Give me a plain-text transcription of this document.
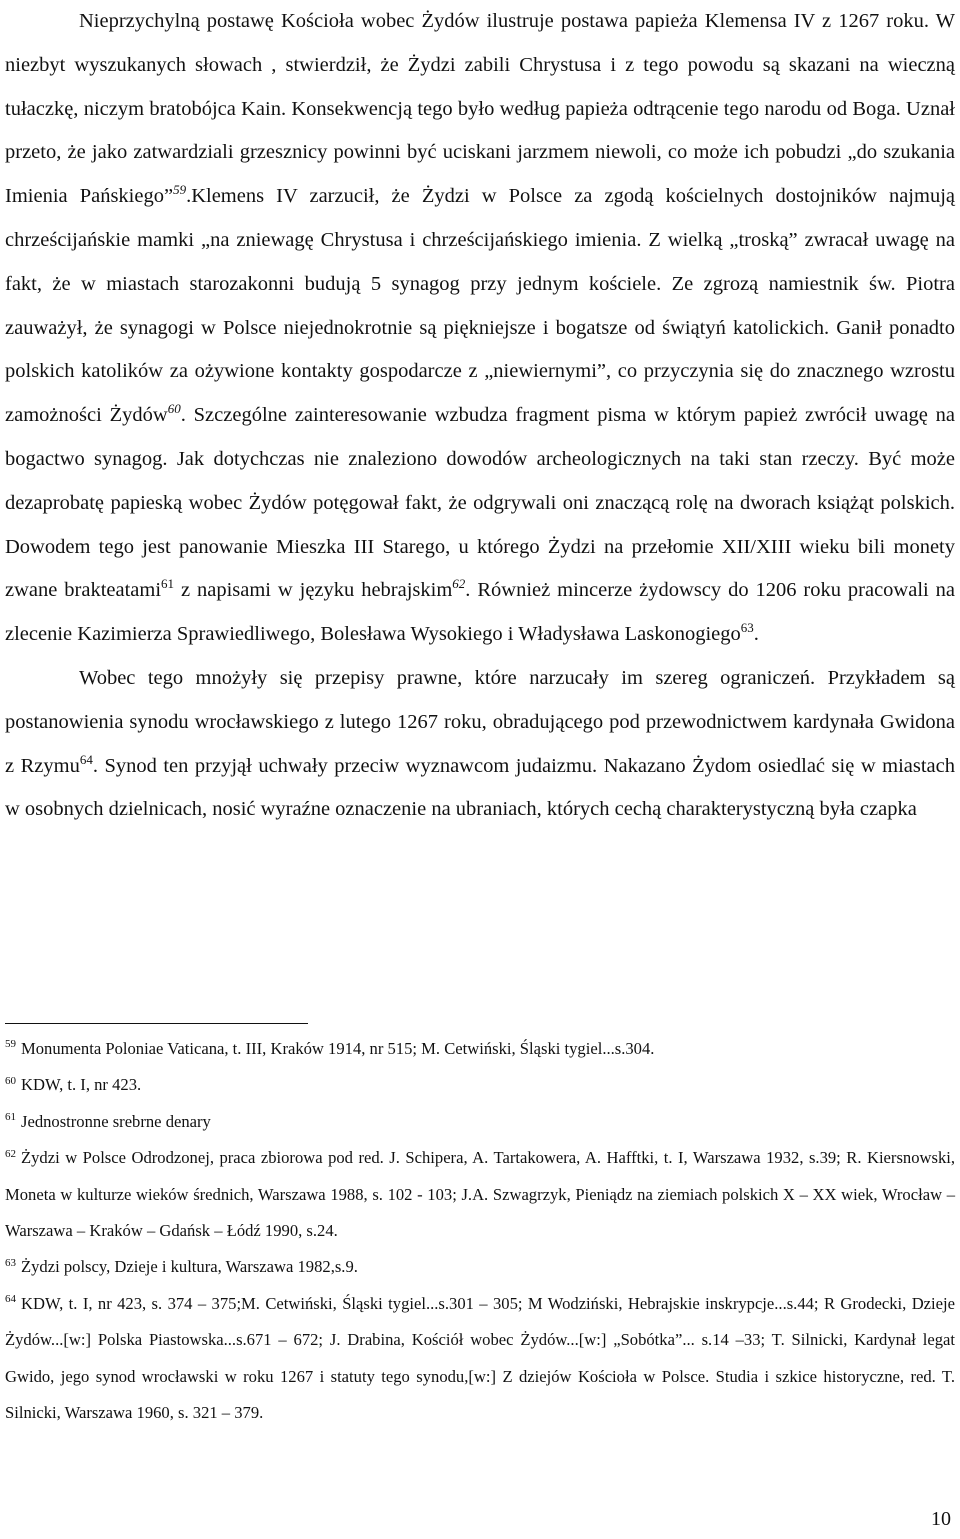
Nieprzychylną postawę Kościoła wobec Żydów ilustruje postawa papieża Klemensa IV z 1267 roku. W niezbyt wyszukanych słowach , stwierdził, że Żydzi zabili Chrystusa i z tego powodu są skazani na wieczną tułaczkę, niczym bratobójca Kain. Konsekwencją tego było według papieża odtrącenie tego narodu od Boga. Uznał przeto, że jako zatwardziali grzesznicy powinni być uciskani jarzmem niewoli, co może ich pobudzi „do szukania Imienia Pańskiego”$^{59}$.Klemens IV zarzucił, że Żydzi w Polsce za zgodą kościelnych dostojników najmują chrześcijańskie mamki „na zniewagę Chrystusa i chrześcijańskiego imienia. Z wielką „troską” zwracał uwagę na fakt, że w miastach starozakonni budują 5 synagog przy jednym kościele. Ze zgrozą namiestnik św. Piotra zauważył, że synagogi w Polsce niejednokrotnie są piękniejsze i bogatsze od świątyń katolickich. Ganił ponadto polskich katolików za ożywione kontakty gospodarcze z „niewiernymi”, co przyczynia się do znacznego wzrostu zamożności Żydów$^{60}$. Szczególne zainteresowanie wzbudza fragment pisma w którym papież zwrócił uwagę na bogactwo synagog. Jak dotychczas nie znaleziono dowodów archeologicznych na taki stan rzeczy. Być może dezaprobatę papieską wobec Żydów potęgował fakt, że odgrywali oni znaczącą rolę na dworach książąt polskich. Dowodem tego jest panowanie Mieszka III Starego, u którego Żydzi na przełomie XII/XIII wieku bili monety zwane brakteatami$^{61}$ z napisami w języku hebrajskim$^{62}$. Również mincerze żydowscy do 1206 roku pracowali na zlecenie Kazimierza Sprawiedliwego, Bolesława Wysokiego i Władysława Laskonogiego$^{63}$.

Wobec tego mnożyły się przepisy prawne, które narzucały im szereg ograniczeń. Przykładem są postanowienia synodu wrocławskiego z lutego 1267 roku, obradującego pod przewodnictwem kardynała Gwidona z Rzymu$^{64}$. Synod ten przyjął uchwały przeciw wyznawcom judaizmu. Nakazano Żydom osiedlać się w miastach w osobnych dzielnicach, nosić wyraźne oznaczenie na ubraniach, których cechą charakterystyczną była czapka

$^{59}$ Monumenta Poloniae Vaticana, t. III, Kraków 1914, nr 515; M. Cetwiński, Śląski tygiel...s.304.

$^{60}$ KDW, t. I, nr 423.

$^{61}$ Jednostronne srebrne denary

$^{62}$ Żydzi w Polsce Odrodzonej, praca zbiorowa pod red. J. Schipera, A. Tartakowera, A. Hafftki, t. I, Warszawa 1932, s.39; R. Kiersnowski, Moneta w kulturze wieków średnich, Warszawa 1988, s. 102 - 103; J.A. Szwagrzyk, Pieniądz na ziemiach polskich X – XX wiek, Wrocław – Warszawa – Kraków – Gdańsk – Łódź 1990, s.24.

$^{63}$ Żydzi polscy, Dzieje i kultura, Warszawa 1982,s.9.

$^{64}$ KDW, t. I, nr 423, s. 374 – 375;M. Cetwiński, Śląski tygiel...s.301 – 305; M Wodziński, Hebrajskie inskrypcje...s.44; R Grodecki, Dzieje Żydów...[w:] Polska Piastowska...s.671 – 672; J. Drabina, Kościół wobec Żydów...[w:] „Sobótka”... s.14 –33; T. Silnicki, Kardynał legat Gwido, jego synod wrocławski w roku 1267 i statuty tego synodu,[w:] Z dziejów Kościoła w Polsce. Studia i szkice historyczne, red. T. Silnicki, Warszawa 1960, s. 321 – 379.

10
